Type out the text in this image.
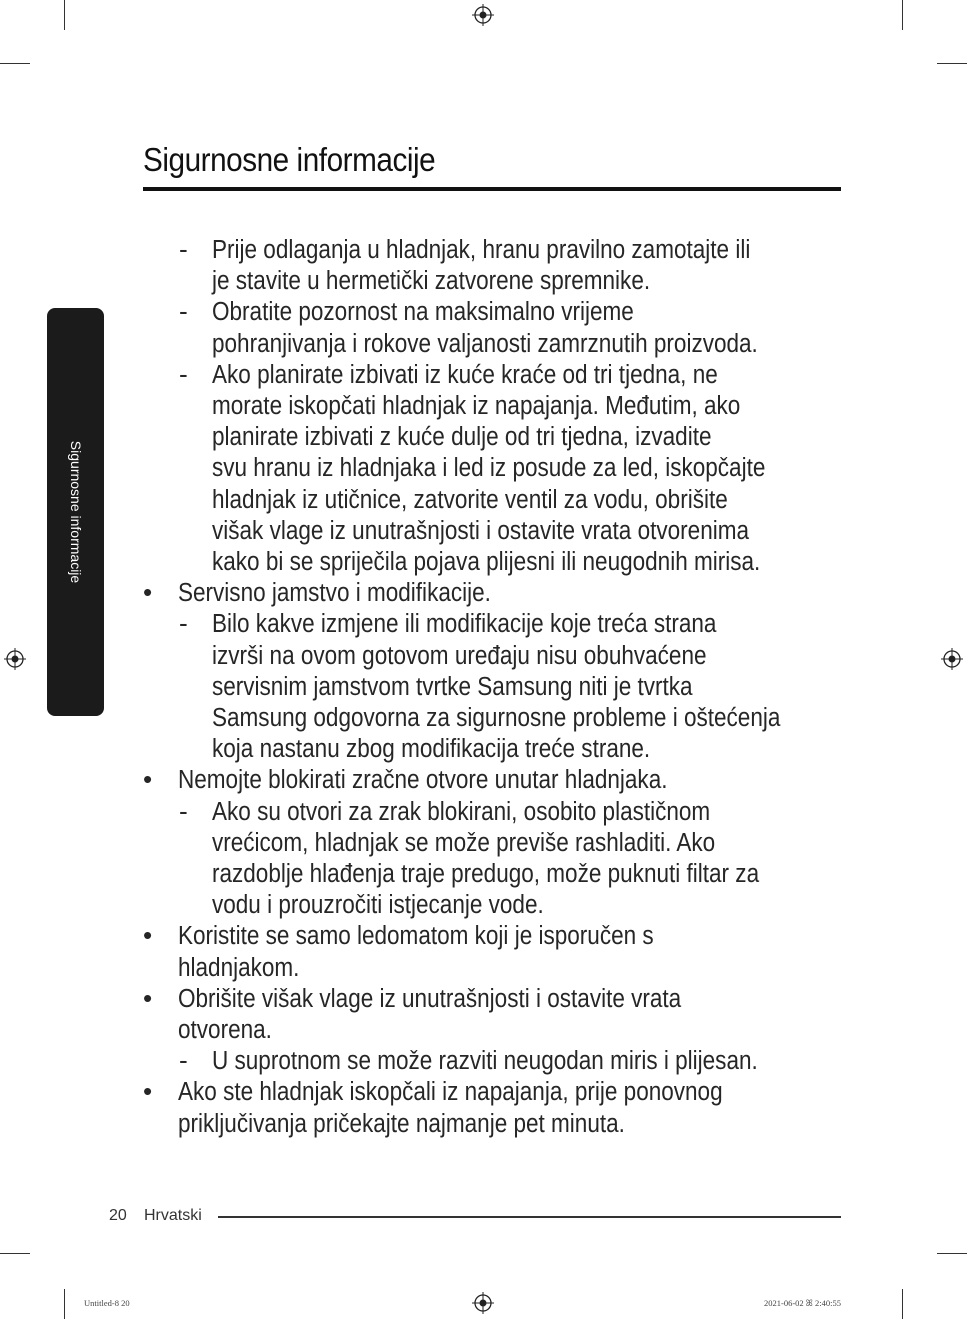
Sigurnosne informacije
Sigurnosne informacije
- Prije odlaganja u hladnjak, hranu pravilno zamotajte ili
je stavite u hermetički zatvorene spremnike.
- Obratite pozornost na maksimalno vrijeme
pohranjivanja i rokove valjanosti zamrznutih proizvoda.
- Ako planirate izbivati iz kuće kraće od tri tjedna, ne
morate iskopčati hladnjak iz napajanja. Međutim, ako
planirate izbivati z kuće dulje od tri tjedna, izvadite
svu hranu iz hladnjaka i led iz posude za led, iskopčajte
hladnjak iz utičnice, zatvorite ventil za vodu, obrišite
višak vlage iz unutrašnjosti i ostavite vrata otvorenima
kako bi se spriječila pojava plijesni ili neugodnih mirisa.
• Servisno jamstvo i modifikacije.
- Bilo kakve izmjene ili modifikacije koje treća strana
izvrši na ovom gotovom uređaju nisu obuhvaćene
servisnim jamstvom tvrtke Samsung niti je tvrtka
Samsung odgovorna za sigurnosne probleme i oštećenja
koja nastanu zbog modifikacija treće strane.
• Nemojte blokirati zračne otvore unutar hladnjaka.
- Ako su otvori za zrak blokirani, osobito plastičnom
vrećicom, hladnjak se može previše rashladiti. Ako
razdoblje hlađenja traje predugo, može puknuti filtar za
vodu i prouzročiti istjecanje vode.
• Koristite se samo ledomatom koji je isporučen s
hladnjakom.
• Obrišite višak vlage iz unutrašnjosti i ostavite vrata
otvorena.
- U suprotnom se može razviti neugodan miris i plijesan.
• Ako ste hladnjak iskopčali iz napajanja, prije ponovnog
priključivanja pričekajte najmanje pet minuta.
20 Hrvatski
Untitled-8 20	2021-06-02 ꕤ 2:40:55
